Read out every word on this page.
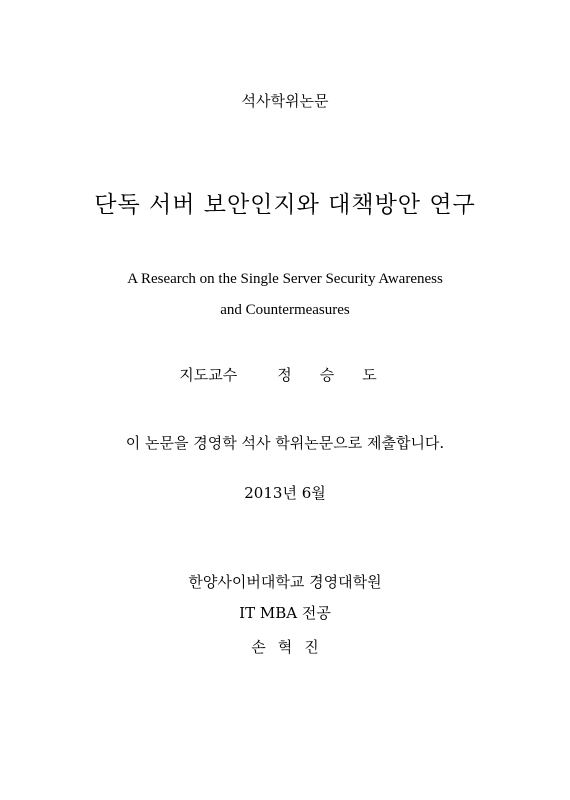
석사학위논문
단독 서버 보안인지와 대책방안 연구
A Research on the Single Server Security Awareness
and Countermeasures
지도교수	정 승 도
이 논문을 경영학 석사 학위논문으로 제출합니다.
2013년 6월
한양사이버대학교 경영대학원
IT MBA 전공
손 혁 진
